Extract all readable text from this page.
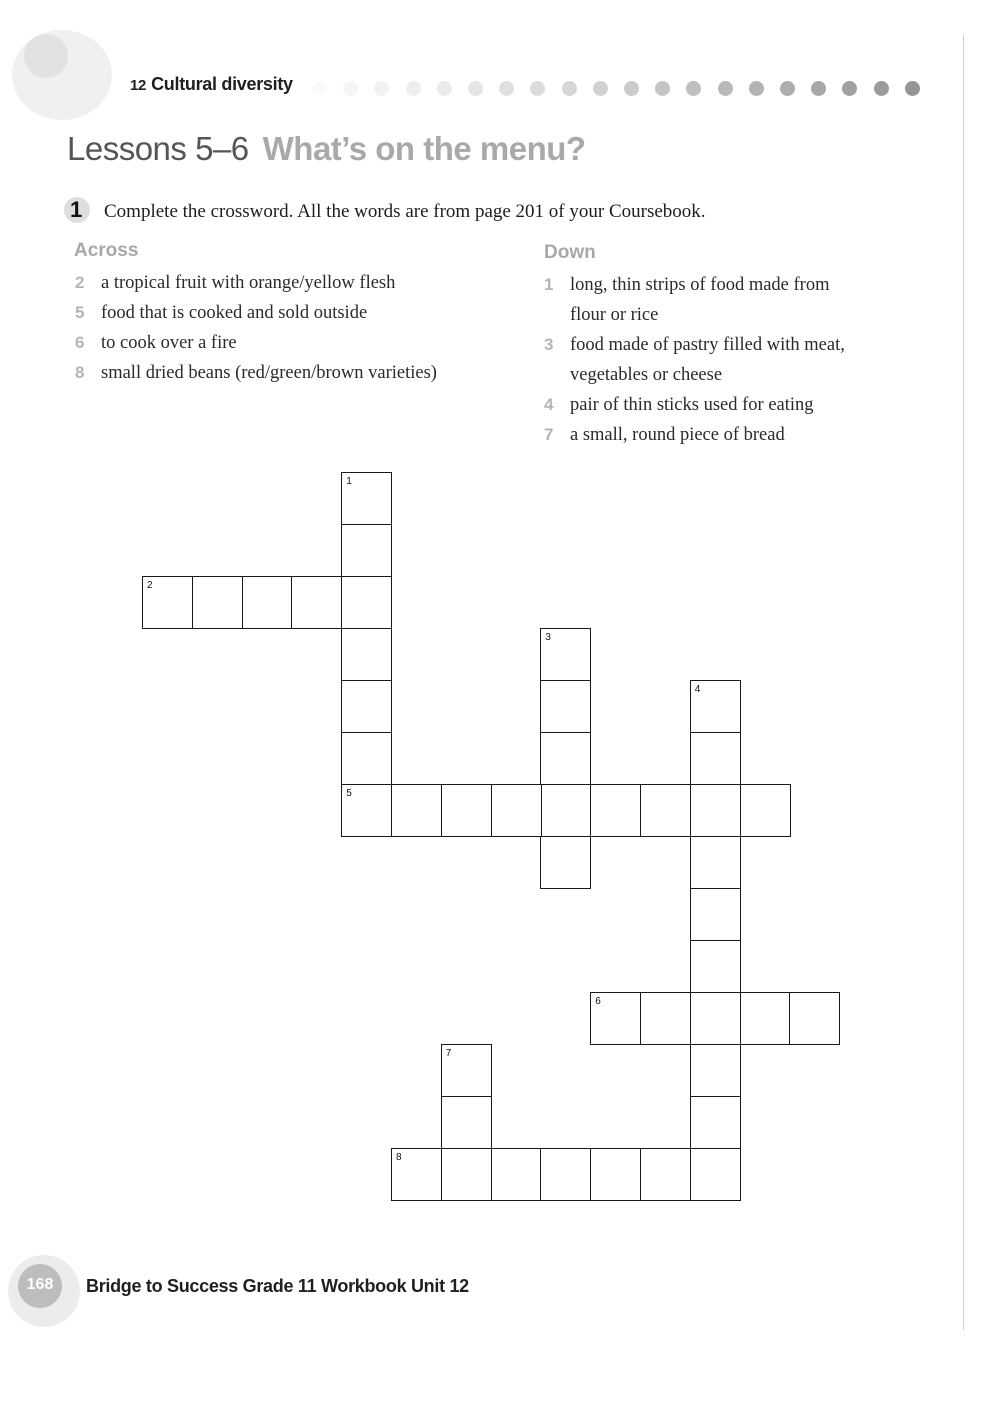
12 Cultural diversity
Lessons 5–6 What’s on the menu?
1 Complete the crossword. All the words are from page 201 of your Coursebook.
Across
2 a tropical fruit with orange/yellow flesh
5 food that is cooked and sold outside
6 to cook over a fire
8 small dried beans (red/green/brown varieties)
Down
1 long, thin strips of food made from
flour or rice
3 food made of pastry filled with meat,
vegetables or cheese
4 pair of thin sticks used for eating
7 a small, round piece of bread
1
2
3
4
5
6
7
8
168	Bridge to Success Grade 11 Workbook Unit 12
